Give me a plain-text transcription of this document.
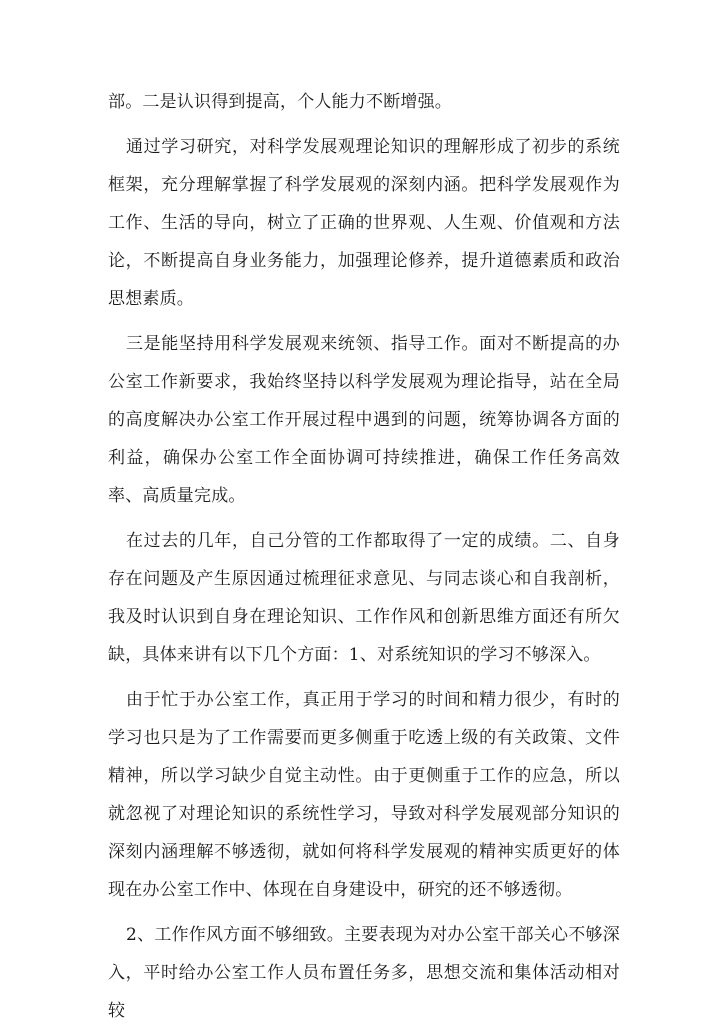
部。二是认识得到提高，个人能力不断增强。

通过学习研究，对科学发展观理论知识的理解形成了初步的系统框架，充分理解掌握了科学发展观的深刻内涵。把科学发展观作为工作、生活的导向，树立了正确的世界观、人生观、价值观和方法论，不断提高自身业务能力，加强理论修养，提升道德素质和政治思想素质。

三是能坚持用科学发展观来统领、指导工作。面对不断提高的办公室工作新要求，我始终坚持以科学发展观为理论指导，站在全局的高度解决办公室工作开展过程中遇到的问题，统筹协调各方面的利益，确保办公室工作全面协调可持续推进，确保工作任务高效率、高质量完成。

在过去的几年，自己分管的工作都取得了一定的成绩。二、自身存在问题及产生原因通过梳理征求意见、与同志谈心和自我剖析，我及时认识到自身在理论知识、工作作风和创新思维方面还有所欠缺，具体来讲有以下几个方面：1、对系统知识的学习不够深入。

由于忙于办公室工作，真正用于学习的时间和精力很少，有时的学习也只是为了工作需要而更多侧重于吃透上级的有关政策、文件精神，所以学习缺少自觉主动性。由于更侧重于工作的应急，所以就忽视了对理论知识的系统性学习，导致对科学发展观部分知识的深刻内涵理解不够透彻，就如何将科学发展观的精神实质更好的体现在办公室工作中、体现在自身建设中，研究的还不够透彻。

2、工作作风方面不够细致。主要表现为对办公室干部关心不够深入，平时给办公室工作人员布置任务多，思想交流和集体活动相对较
